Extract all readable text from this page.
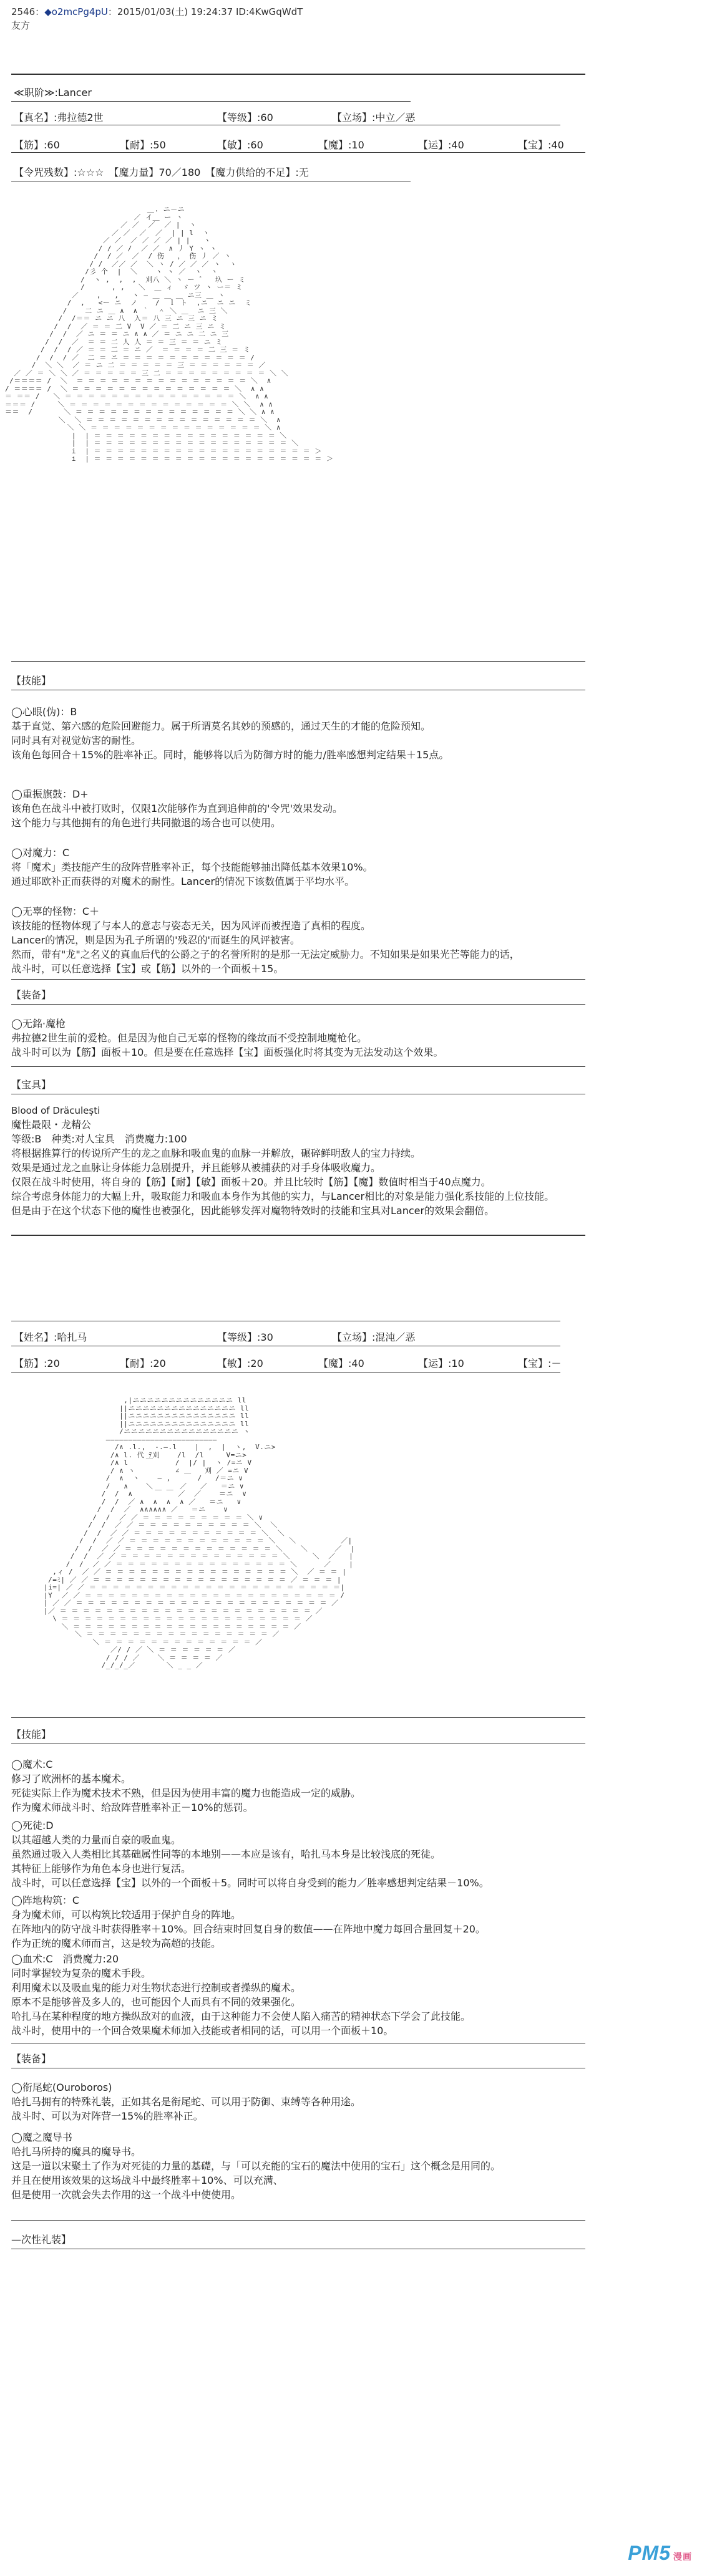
2546：◆o2mcPg4pU：2015/01/03(土) 19:24:37 ID:4KwGqWdT
友方
≪职阶≫:Lancer
【真名】:弗拉德2世	【等级】:60	【立场】:中立／恶
【筋】:60	【耐】:50	【敏】:60	【魔】:10	【运】:40	【宝】:40
【令咒残数】:☆☆☆　【魔力量】70／180　【魔力供给的不足】:无
＿. ニ－ニ
／ イ＿ ー ヽ
／ ／  ／  ／ |  ヽ
／ ／  ／  ／  | | l  ヽ
／ ／  ／ ／ ／ ／ | |   ヽ
/ / ／ /  ／ ／  ∧ 丿 Y ヽ ヽ
/  / ／  ／  / 伤   ， 伤 丿 ／ ヽ
/ /  ／／ ／  ＼ ヽ / ／ ／ ／ ヽ  ヽ
/彡 个  |  ＼    ヽ ヽ ／  ヽ  ヽ
/  ヽ ,  ,  ,  刈八 ＼ ヽ ー ゛  圦 ー ミ
/      , ,   ＼  ＿ ィ  ゞ ツ ヽ ー＝ ミ
／    ,   ,   ヽ ― ＿ ＿ ＿ ニ三 ＿ ヽ
/  ,   <ー ニ  ノ    /  ｌ ト  ,ニ  ニ ニ  ミ
/    二 ニ ＿ ∧  ∧ ｀  ＾ ＼ ＿  ニ 三 ＼
/  /＝＝ ニ ニ 八  入＝ 八 三 ニ 三 ニ ミ
/  /  ／ ＝ ＝ 二 V  V ／ ＝ 二 ニ 三 ニ ミ
/  /  ／ ニ ＝ ＝ ニ ∧ ∧ ／ ＝ ニ ニ 二 ニ 三
/  /  ／  ＝ ＝ 二 人 人 ＝ ＝ 三 ＝ ＝ ニ ミ
/  /  / ／ ＝ ＝ 二 ＝ ニ ／  ＝ ＝ ＝ ＝ 二 三 ＝ ミ
/  /  / ／  二 ＝ ニ ＝ ＝ ＝ ＝ ＝ ＝ ＝ ＝ ＝ ＝ ＝ /
/  ＼ ＼  ／ ＝ ニ 二 ＝ ＝ ＝ ＝ ＝ 三 ＝ ＝ ＝ ＝ ＝ ＝ ／
／ ／ ＝ ＼ ＼ ／ ＝ ＝ ＝ ＝ ＝ 三 二 ＝ ＝ ＝ ＝ ＝ ＝ ＝ ＝ ＝ ＼ ＼
/＝＝＝＝ /  ＼  ＝ ＝ ＝ ＝ ＝ ＝ ＝ ＝ ＝ ＝ ＝ ＝ ＝ ＝ ＝ ＼  ∧
/ ＝＝＝＝ /  ＼ ＝ ＝ ＝ ＝ ＝ ＝ ＝ ＝ ＝ ＝ ＝ ＝ ＝ ＝ ＼  ∧ ∧
＝ ＝＝ /   ＼ ＝ ＝ ＝ ＝ ＝ ＝ ＝ ＝ ＝ ＝ ＝ ＝ ＝ ＝ ＝ ＼  ∧ ∧
＝＝＝ /     ＼ ＝ ＝ ＝ ＝ ＝ ＝ ＝ ＝ ＝ ＝ ＝ ＝ ＝ ＝ ＼ ＼  ∧ ∧
＝＝  /       ＼ ＝ ＝ ＝ ＝ ＝ ＝ ＝ ＝ ＝ ＝ ＝ ＝ ＝ ＝ ＼ ＼ ∧ ∧
＼  ＼ ＝ ＝ ＝ ＝ ＝ ＝ ＝ ＝ ＝ ＝ ＝ ＝ ＝ ＝ ＝ ＼  ∧
＼ ＼ ＝ ＝ ＝ ＝ ＝ ＝ ＝ ＝ ＝ ＝ ＝ ＝ ＝ ＝ ＝ ＼ ∧
|  | ＝ ＝ ＝ ＝ ＝ ＝ ＝ ＝ ＝ ＝ ＝ ＝ ＝ ＝ ＝ ＝ ＼
|  | ＝ ＝ ＝ ＝ ＝ ＝ ＝ ＝ ＝ ＝ ＝ ＝ ＝ ＝ ＝ ＝ ＝ ＼
i  | ＝ ＝ ＝ ＝ ＝ ＝ ＝ ＝ ＝ ＝ ＝ ＝ ＝ ＝ ＝ ＝ ＝ ＝ ＝ ＞
i  | ＝ ＝ ＝ ＝ ＝ ＝ ＝ ＝ ＝ ＝ ＝ ＝ ＝ ＝ ＝ ＝ ＝ ＝ ＝ ＝ ＞
【技能】
◯心眼(伪)：B
基于直觉、第六感的危险回避能力。属于所谓莫名其妙的预感的，通过天生的才能的危险预知。
同时具有对视觉妨害的耐性。
该角色每回合＋15%的胜率补正。同时，能够将以后为防御方时的能力/胜率感想判定结果＋15点。
◯重振旗鼓：D+
该角色在战斗中被打败时，仅限1次能够作为直到追伸前的'令咒'效果发动。
这个能力与其他拥有的角色进行共同撤退的场合也可以使用。
◯对魔力：C
将「魔术」类技能产生的敌阵营胜率补正，每个技能能够抽出降低基本效果10%。
通过耶欧补正而获得的对魔术的耐性。Lancer的情况下该数值属于平均水平。
◯无辜的怪物：C＋
该技能的怪物体现了与本人的意志与姿态无关，因为风评而被捏造了真相的程度。
Lancer的情况，则是因为孔子所谓的'残忍的'而诞生的风评被害。
然而，带有"龙"之名义的真血后代的公爵之子的名誉所附的是那一无法定威胁力。不知如果是如果光芒等能力的话，
战斗时，可以任意选择【宝】或【筋】以外的一个面板＋15。
【装备】
◯无銘·魔枪
弗拉德2世生前的爱枪。但是因为他自己无辜的怪物的缘故而不受控制地魔枪化。
战斗时可以为【筋】面板＋10。但是要在任意选择【宝】面板强化时将其变为无法发动这个效果。
【宝具】
Blood of Dräculești
魔性最限・龙精公
等级:B　种类:对人宝具　消费魔力:100
将根据推算行的传说所产生的龙之血脉和吸血鬼的血脉一并解放，碾碎鲜明敌人的宝力持续。
效果是通过龙之血脉让身体能力急剧提升，并且能够从被捕获的对手身体吸收魔力。
仅限在战斗时使用，将自身的【筋】【耐】【敏】面板＋20。并且比较时【筋】【魔】数值时相当于40点魔力。
综合考虑身体能力的大幅上升，吸取能力和吸血本身作为其他的实力，与Lancer相比的对象是能力强化系技能的上位技能。
但是由于在这个状态下他的魔性也被强化，因此能够发挥对魔物特效时的技能和宝具对Lancer的效果会翻倍。
【姓名】:哈扎马	【等级】:30	【立场】:混沌／恶
【筋】:20	【耐】:20	【敏】:20	【魔】:40	【运】:10	【宝】:－
,|ニニニニニニニニニニニニニニ ll
||ニニニニニニニニニニニニニニニ ll
||ニニニニニニニニニニニニニニニ ll
||ニニニニニニニニニニニニニニニ ll
/ニニニニニニニニニニニニニニニニ ヽ
―――――――――――――――――――――――――
/∧ .l.,  -.―.l    |  ,  |  ヽ,  V.ニ>
/∧ l. 代 ﾃ刈    /l  /l     V=ニ>
/∧ l    ￣     /  |/ |  ヽ /=ニ V
/ ∧ ヽ         ∠ ＿   刈 ／ =ニ V
/  ∧  ヽ    ― ,      /   /＝ニ ∨
/   ∧    ＼      ／   ／   ＝ニ ∨
/  /  ∧     ￣ ￣ ／  ／    ＝ニ  ∨
/  /  ／ ∧  ∧  ∧  ∧ ／   ＝ニ   ∨
/  /  ／  ∧∧∧∧∧∧ ／   ＝ニ    ∨
/  /  ／ ／ ＝ ＝ ＝ ＝ ＝ ＝ ＝ ＝ ＝ ＼ ∨
/  /  ／ ／ ＝ ＝ ＝ ＝ ＝ ＝ ＝ ＝ ＝ ＝ ＼  ＼
/  /  ／ ／ ＝ ＝ ＝ ＝ ＝ ＝ ＝ ＝ ＝ ＝ ＝ ＼  ＼
/  /  ／ ／ ＝ ＝ ＝ ＝ ＝ ＝ ＝ ＝ ＝ ＝ ＝ ＝ ＼   ＼          ／|
/  /  ／ ／ ＝ ＝ ＝ ＝ ＝ ＝ ＝ ＝ ＝ ＝ ＝ ＝ ＝ ＼    ＼      ／  |
/  /  ／ ／ ＝ ＝ ＝ ＝ ＝ ＝ ＝ ＝ ＝ ＝ ＝ ＝ ＝ ＝ ＼     ＼  ／   |
/  /  ／ ／ ＝ ＝ ＝ ＝ ＝ ＝ ＝ ＝ ＝ ＝ ＝ ＝ ＝ ＝ ＝ ＼      ／    |
,ィ /  ／ ／ ＝ ＝ ＝ ＝ ＝ ＝ ＝ ＝ ＝ ＝ ＝ ＝ ＝ ＝ ＝ ＝ ＼  ／ ＝ ＝ |
/=ﾐ| ／ ／ ＝ ＝ ＝ ＝ ＝ ＝ ＝ ＝ ＝ ＝ ＝ ＝ ＝ ＝ ＝ ＝ ＝ ／ ＝ ＝ ＝ |
|i=| ／ ／ ＝ ＝ ＝ ＝ ＝ ＝ ＝ ＝ ＝ ＝ ＝ ＝ ＝ ＝ ＝ ＝ ＝ ＝ ＝ ＝ ＝ ＝|
|Y  ／ ／ ＝ ＝ ＝ ＝ ＝ ＝ ＝ ＝ ＝ ＝ ＝ ＝ ＝ ＝ ＝ ＝ ＝ ＝ ＝ ＝ ＝ ＝ /
| ／ ／ ＝ ＝ ＝ ＝ ＝ ＝ ＝ ＝ ＝ ＝ ＝ ＝ ＝ ＝ ＝ ＝ ＝ ＝ ＝ ＝ ＝ ＝ ／
|／ ＝ ＝ ＝ ＝ ＝ ＝ ＝ ＝ ＝ ＝ ＝ ＝ ＝ ＝ ＝ ＝ ＝ ＝ ＝ ＝ ＝ ＝ ／
\ ＝ ＝ ＝ ＝ ＝ ＝ ＝ ＝ ＝ ＝ ＝ ＝ ＝ ＝ ＝ ＝ ＝ ＝ ＝ ＝ ＝ ／
＼ ＝ ＝ ＝ ＝ ＝ ＝ ＝ ＝ ＝ ＝ ＝ ＝ ＝ ＝ ＝ ＝ ＝ ＝ ＝ ／
＼ ＝ ＝ ＝ ＝ ＝ ＝ ＝ ＝ ＝ ＝ ＝ ＝ ＝ ＝ ＝ ＝ ／
＼ ＝ ＝ ＝ ＝ ＝ ＝ ＝ ＝ ＝ ＝ ＝ ＝ ＝ ／
／/ / ／ ＼ ＝ ＝ ＝ ＝ ＝ ＝ ／
/ / / ／    ＼ ＝ ＝ ＝ ＝ ／
/_/_/_／       ＼ _ _ ／
【技能】
◯魔术:C
修习了欧洲杯的基本魔术。
死徒实际上作为魔术技术不熟，但是因为使用丰富的魔力也能造成一定的威胁。
作为魔术师战斗时、给敌阵营胜率补正－10%的惩罚。
◯死徒:D
以其超越人类的力量而自豪的吸血鬼。
虽然通过吸入人类相比其基础属性同等的本地别——本应是该有，哈扎马本身是比较浅底的死徒。
其特征上能够作为角色本身也进行复活。
战斗时，可以任意选择【宝】以外的一个面板＋5。同时可以将自身受到的能力／胜率感想判定结果－10%。
◯阵地构筑：C
身为魔术师，可以构筑比较适用于保护自身的阵地。
在阵地内的防守战斗时获得胜率＋10%。回合结束时回复自身的数值——在阵地中魔力每回合量回复＋20。
作为正统的魔术师而言，这是较为高超的技能。
◯血术:C　消费魔力:20
同时掌握较为复杂的魔术手段。
利用魔术以及吸血鬼的能力对生物状态进行控制或者操纵的魔术。
原本不是能够普及多人的，也可能因个人而具有不同的效果强化。
哈扎马在某种程度的地方操纵敌对的血液，由于这种能力不会使人陷入痛苦的精神状态下学会了此技能。
战斗时，使用中的一个回合效果魔术师加入技能或者相同的话，可以用一个面板＋10。
【装备】
◯衔尾蛇(Ouroboros)
哈扎马拥有的特殊礼装，正如其名是衔尾蛇、可以用于防御、束缚等各种用途。
战斗时、可以为对阵营一15%的胜率补正。
◯魔之魔导书
哈扎马所持的魔具的魔导书。
这是一道以宋聚土了作为对死徒的力量的基礎，与「可以充能的宝石的魔法中使用的宝石」这个概念是用同的。
并且在使用该效果的这场战斗中最终胜率＋10%、可以充满、
但是使用一次就会失去作用的这一个战斗中使使用。
—次性礼装】
PM5 漫画
